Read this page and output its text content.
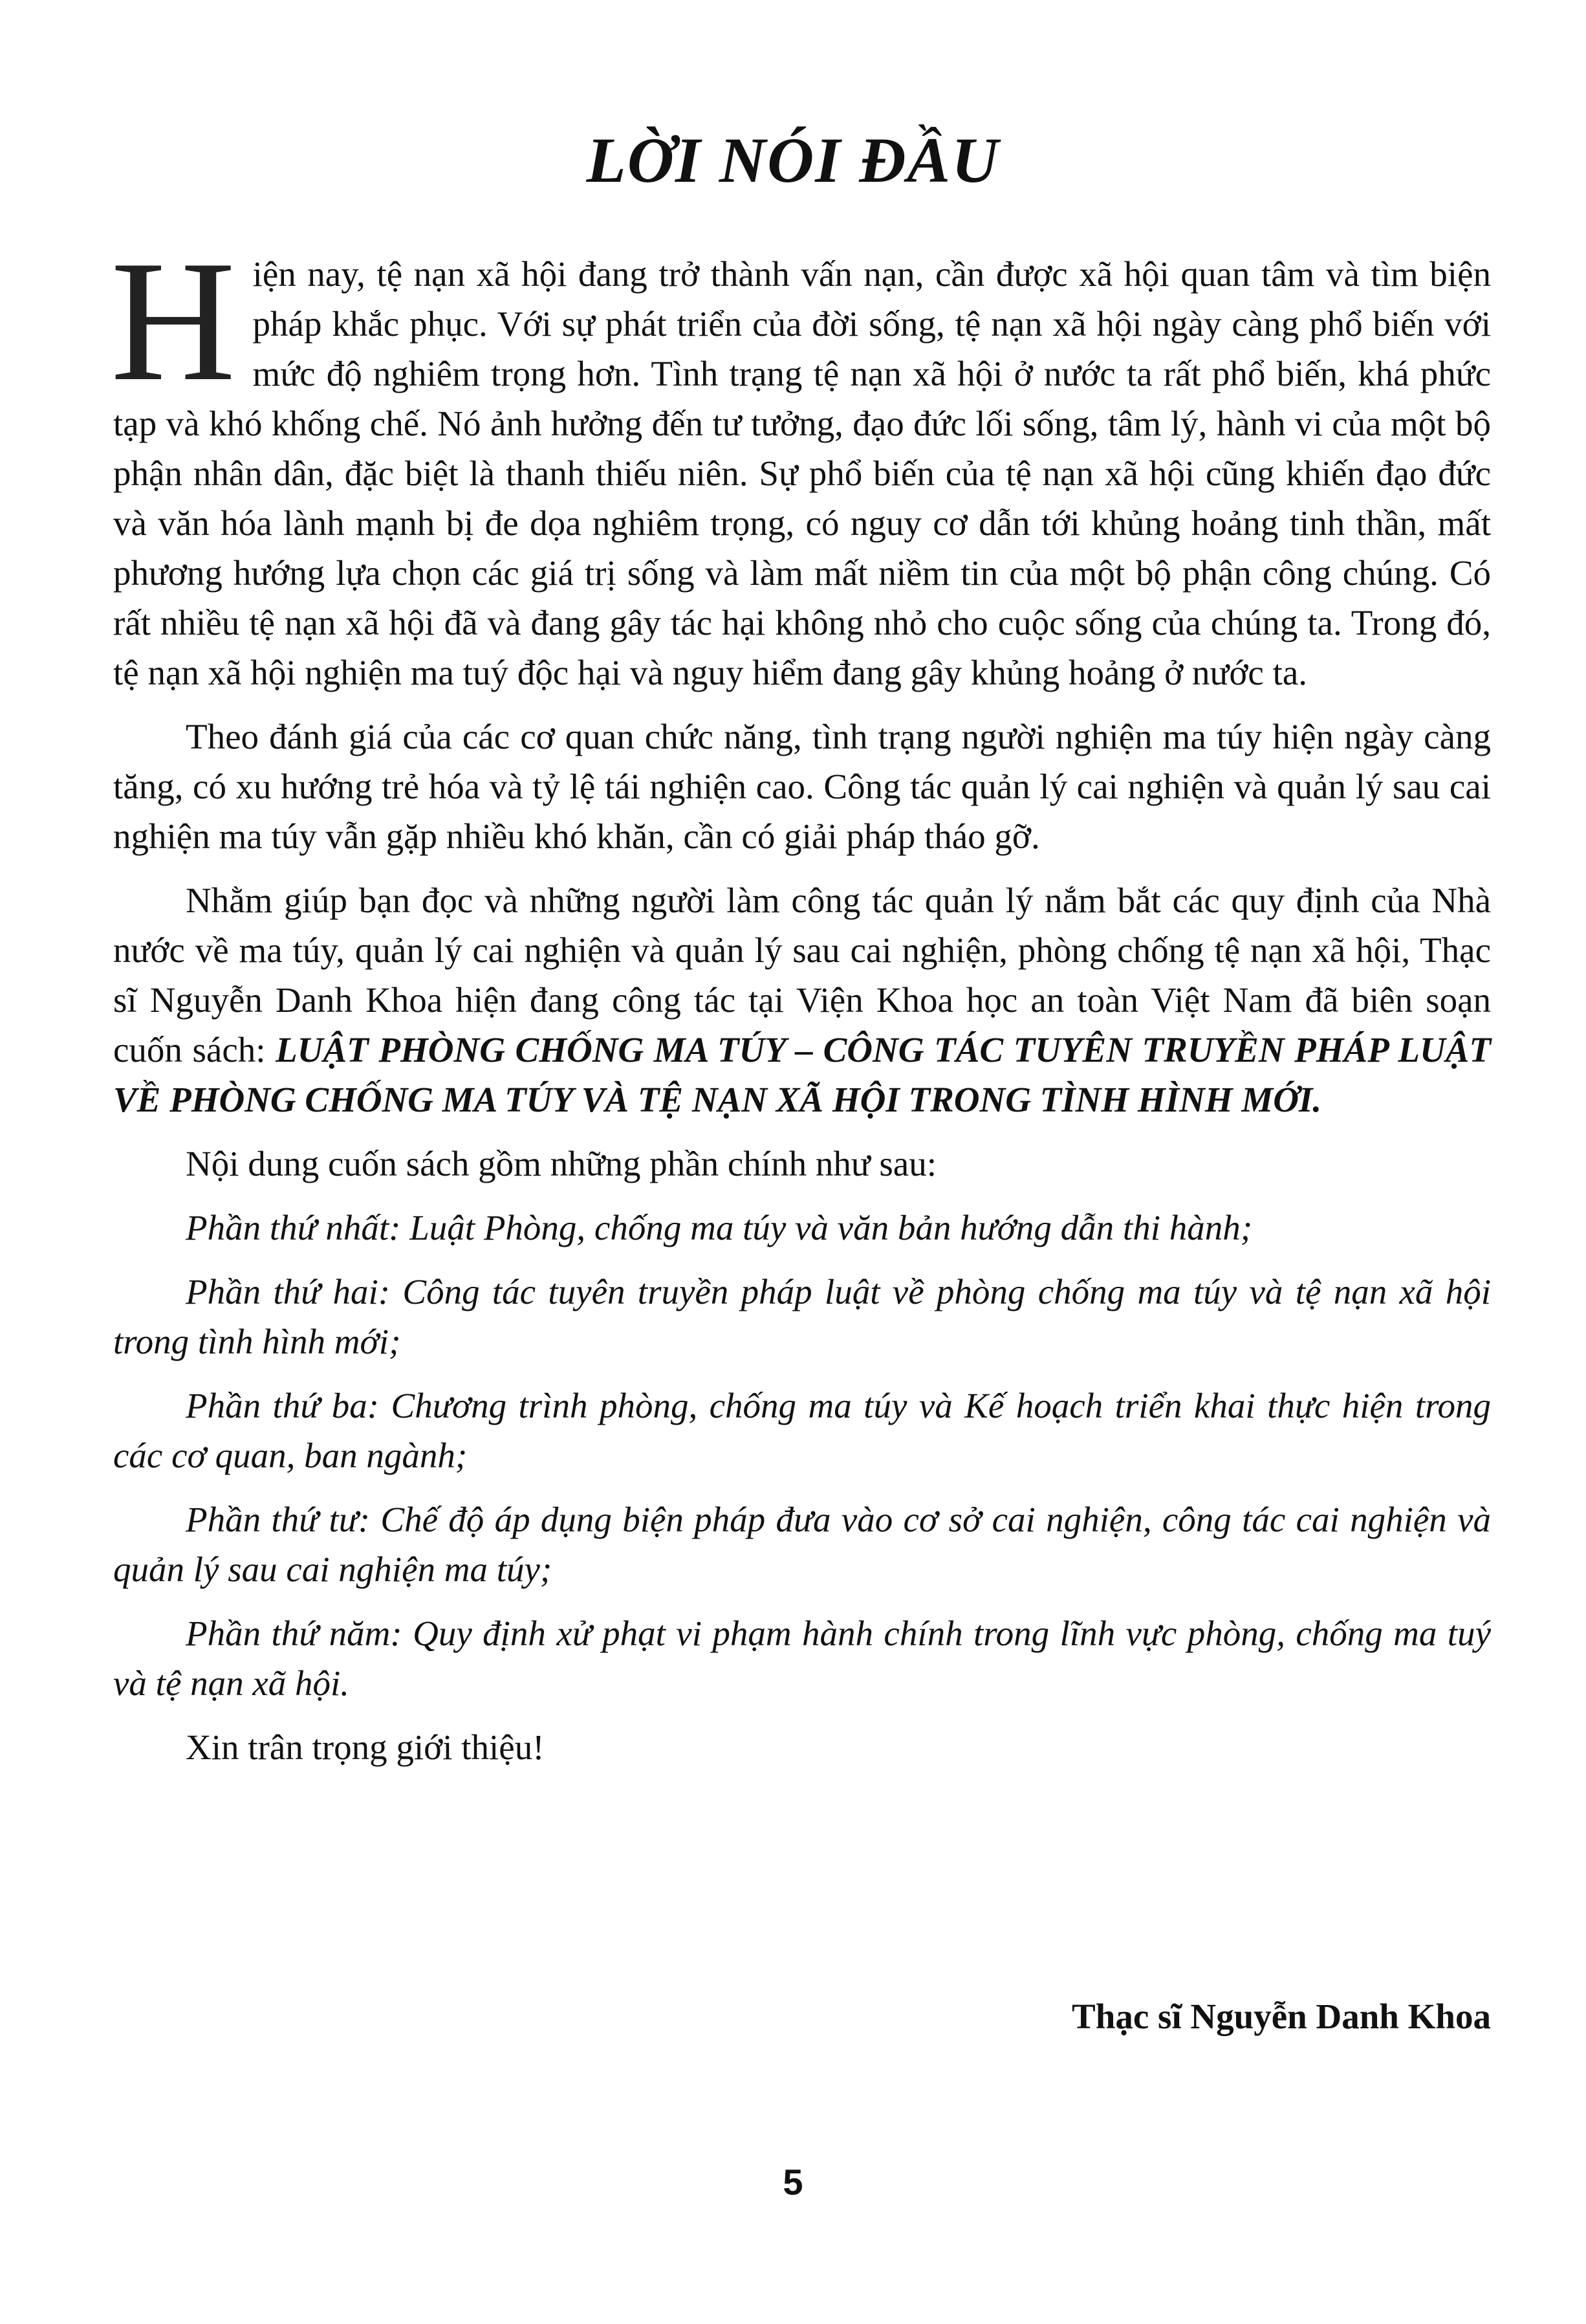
LỜI NÓI ĐẦU

Hiện nay, tệ nạn xã hội đang trở thành vấn nạn, cần được xã hội quan tâm và tìm biện pháp khắc phục. Với sự phát triển của đời sống, tệ nạn xã hội ngày càng phổ biến với mức độ nghiêm trọng hơn. Tình trạng tệ nạn xã hội ở nước ta rất phổ biến, khá phức tạp và khó khống chế. Nó ảnh hưởng đến tư tưởng, đạo đức lối sống, tâm lý, hành vi của một bộ phận nhân dân, đặc biệt là thanh thiếu niên. Sự phổ biến của tệ nạn xã hội cũng khiến đạo đức và văn hóa lành mạnh bị đe dọa nghiêm trọng, có nguy cơ dẫn tới khủng hoảng tinh thần, mất phương hướng lựa chọn các giá trị sống và làm mất niềm tin của một bộ phận công chúng. Có rất nhiều tệ nạn xã hội đã và đang gây tác hại không nhỏ cho cuộc sống của chúng ta. Trong đó, tệ nạn xã hội nghiện ma tuý độc hại và nguy hiểm đang gây khủng hoảng ở nước ta.

Theo đánh giá của các cơ quan chức năng, tình trạng người nghiện ma túy hiện ngày càng tăng, có xu hướng trẻ hóa và tỷ lệ tái nghiện cao. Công tác quản lý cai nghiện và quản lý sau cai nghiện ma túy vẫn gặp nhiều khó khăn, cần có giải pháp tháo gỡ.

Nhằm giúp bạn đọc và những người làm công tác quản lý nắm bắt các quy định của Nhà nước về ma túy, quản lý cai nghiện và quản lý sau cai nghiện, phòng chống tệ nạn xã hội, Thạc sĩ Nguyễn Danh Khoa hiện đang công tác tại Viện Khoa học an toàn Việt Nam đã biên soạn cuốn sách: LUẬT PHÒNG CHỐNG MA TÚY – CÔNG TÁC TUYÊN TRUYỀN PHÁP LUẬT VỀ PHÒNG CHỐNG MA TÚY VÀ TỆ NẠN XÃ HỘI TRONG TÌNH HÌNH MỚI.

Nội dung cuốn sách gồm những phần chính như sau:

Phần thứ nhất: Luật Phòng, chống ma túy và văn bản hướng dẫn thi hành;

Phần thứ hai: Công tác tuyên truyền pháp luật về phòng chống ma túy và tệ nạn xã hội trong tình hình mới;

Phần thứ ba: Chương trình phòng, chống ma túy và Kế hoạch triển khai thực hiện trong các cơ quan, ban ngành;

Phần thứ tư: Chế độ áp dụng biện pháp đưa vào cơ sở cai nghiện, công tác cai nghiện và quản lý sau cai nghiện ma túy;

Phần thứ năm: Quy định xử phạt vi phạm hành chính trong lĩnh vực phòng, chống ma tuý và tệ nạn xã hội.

Xin trân trọng giới thiệu!

Thạc sĩ Nguyễn Danh Khoa
5
